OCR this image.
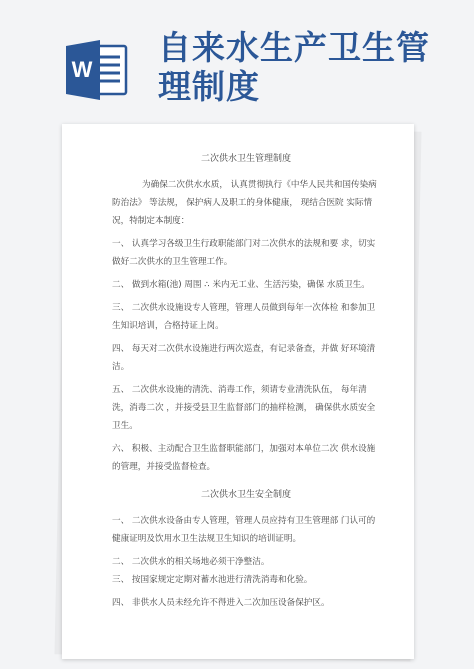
W
自来水生产卫生管理制度

二次供水卫生管理制度

为确保二次供水水质， 认真贯彻执行《中华人民共和国传染病 防治法》 等法规， 保护病人及职工的身体健康， 现结合医院 实际情况，特制定本制度：

一、 认真学习各级卫生行政职能部门对二次供水的法规和要 求，切实做好二次供水的卫生管理工作。

二、 做到水箱(池) 周围 ∴ 米内无工业、生活污染，确保 水质卫生。

三、 二次供水设施设专人管理，管理人员做到每年一次体检 和参加卫生知识培训，合格持证上岗。

四、 每天对二次供水设施进行两次巡查，有记录备查，并做 好环境清洁。

五、 二次供水设施的清洗、消毒工作，须请专业清洗队伍， 每年清洗，消毒二次 ，并接受县卫生监督部门的抽样检测， 确保供水质安全卫生。

六、 积极、主动配合卫生监督职能部门，加强对本单位二次 供水设施的管理，并接受监督检查。

二次供水卫生安全制度

一、 二次供水设备由专人管理，管理人员应持有卫生管理部 门认可的健康证明及饮用水卫生法规卫生知识的培训证明。

二、 二次供水的相关场地必须干净整洁。

三、 按国家规定定期对蓄水池进行清洗消毒和化验。

四、 非供水人员未经允许不得进入二次加压设备保护区。
